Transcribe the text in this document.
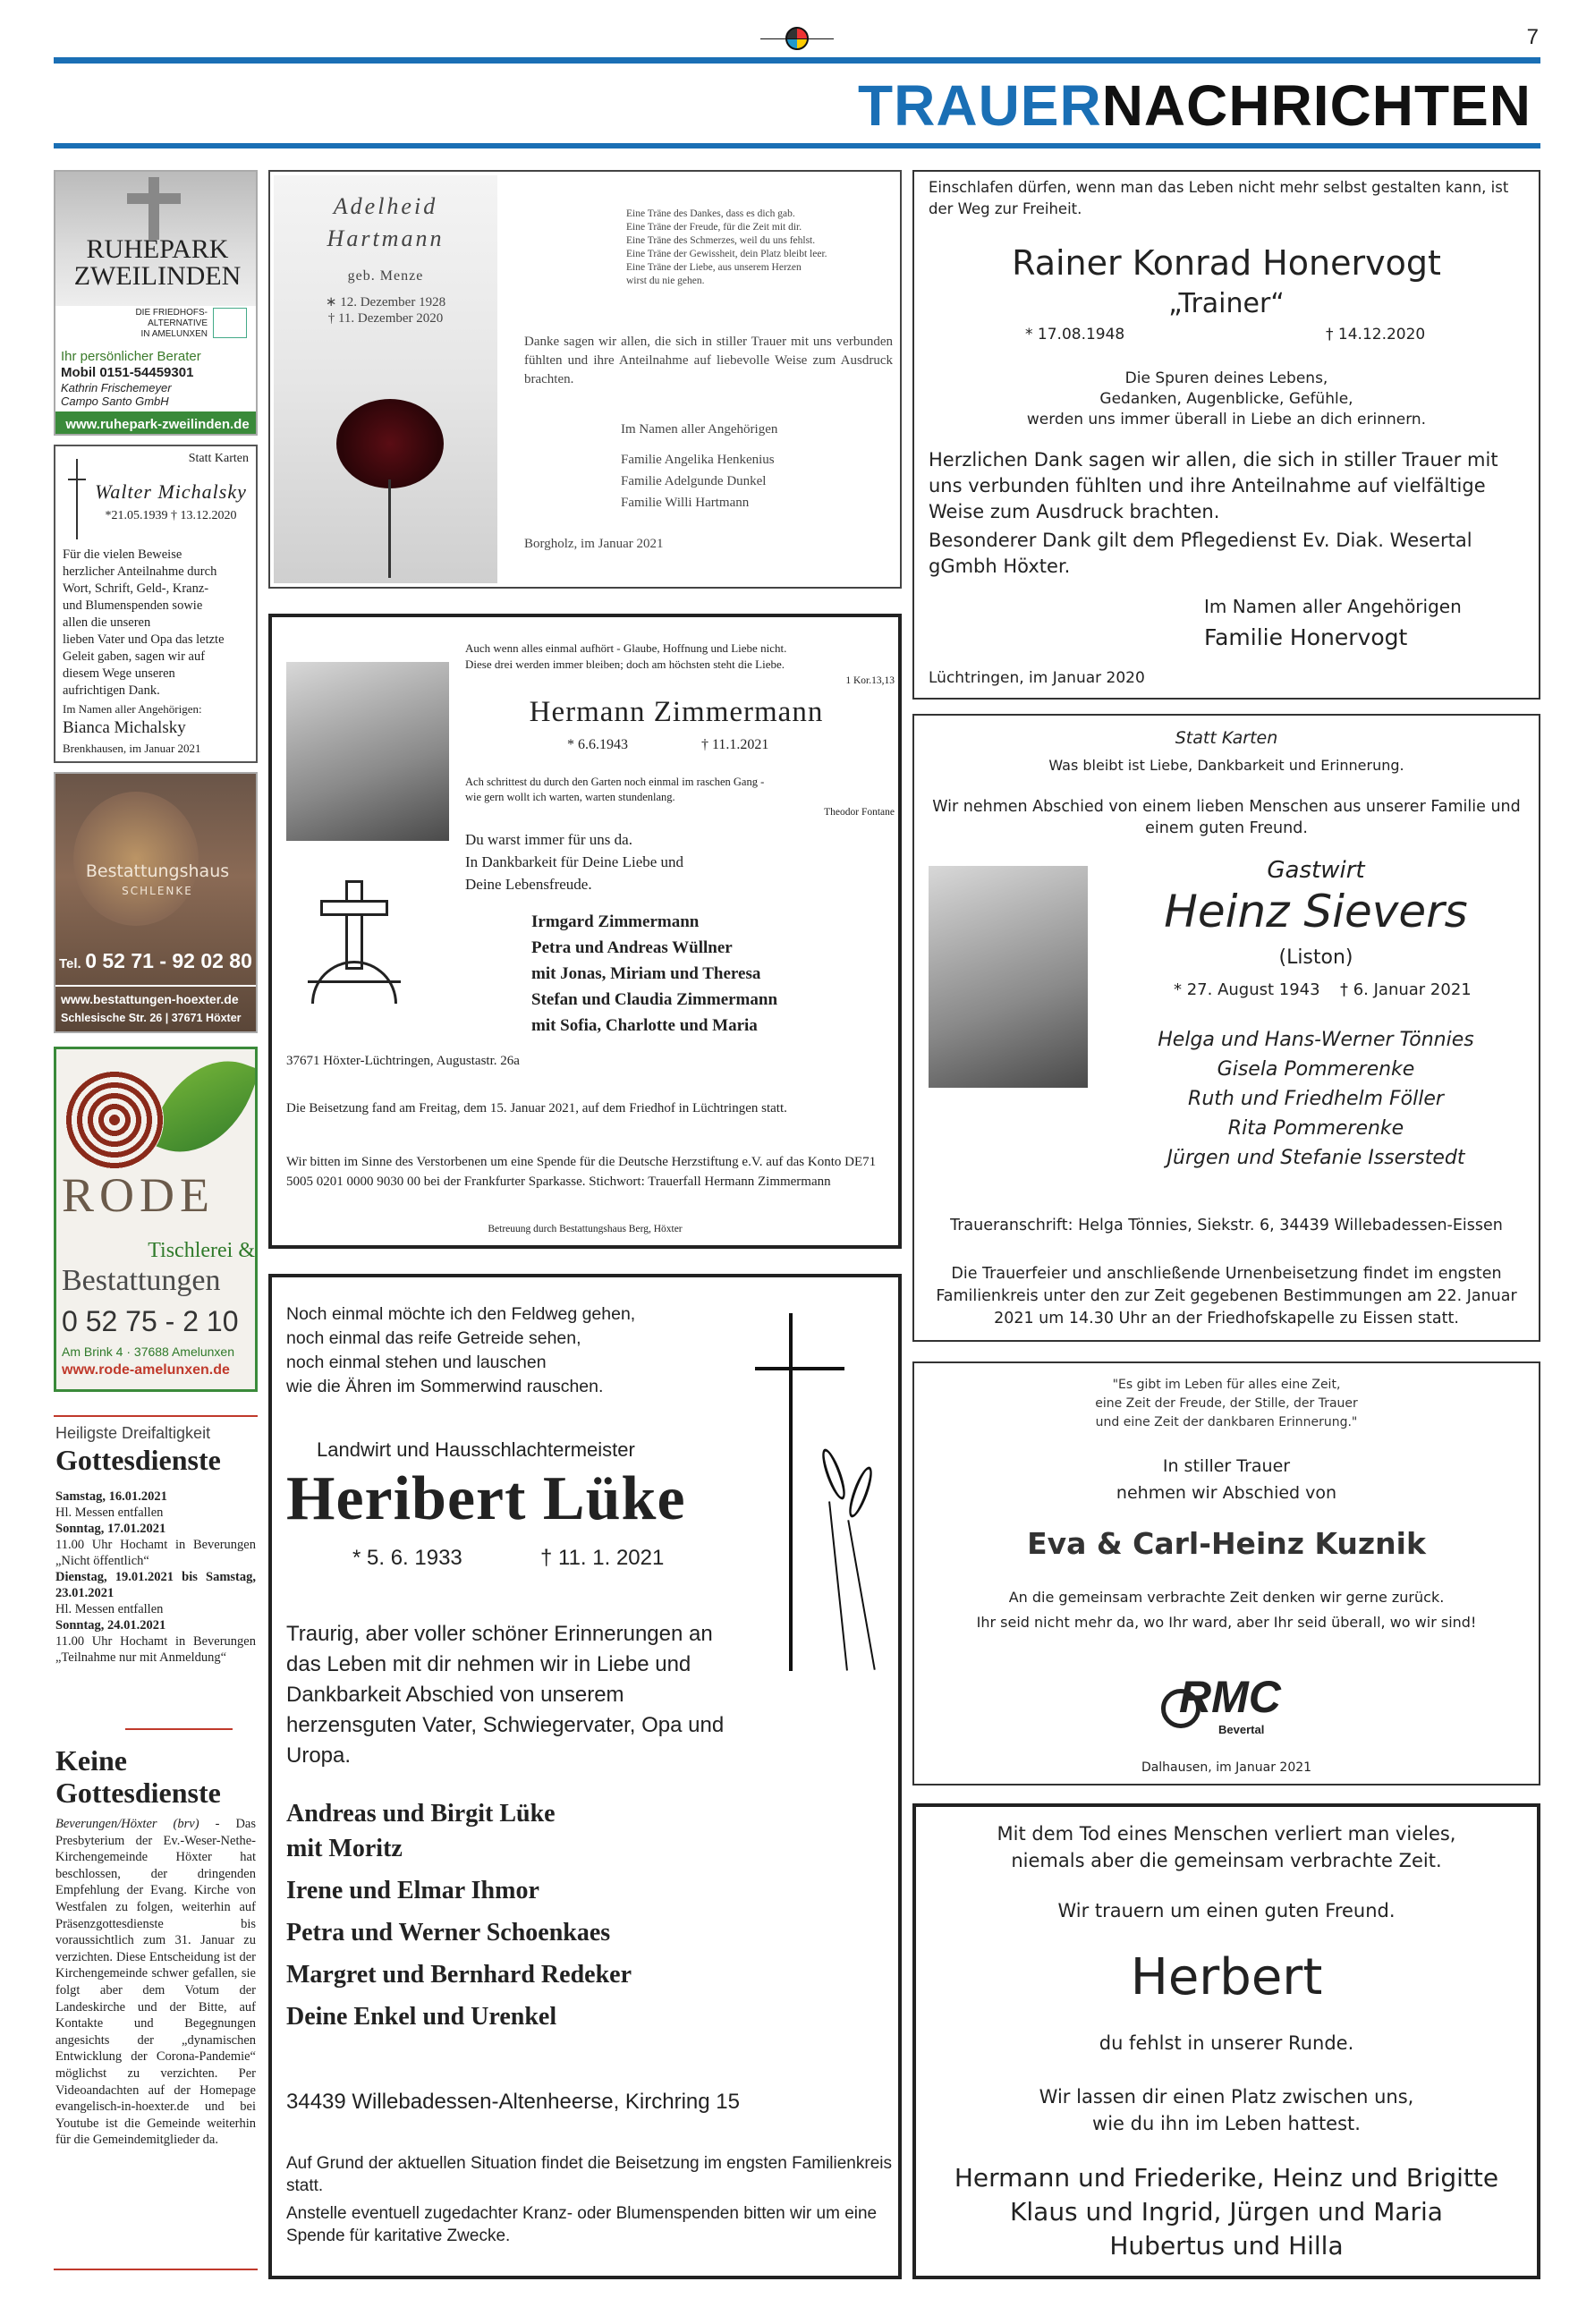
7
TRAUERNACHRICHTEN
RUHEPARK
ZWEILINDEN
DIE FRIEDHOFS-
ALTERNATIVE
IN AMELUNXEN
Ihr persönlicher Berater
Mobil 0151-54459301
Kathrin Frischemeyer
Campo Santo GmbH
www.ruhepark-zweilinden.de
Statt Karten
Walter Michalsky
*21.05.1939 † 13.12.2020
Für die vielen Beweise
herzlicher Anteilnahme durch
Wort, Schrift, Geld-, Kranz-
und Blumenspenden sowie
allen die unseren
lieben Vater und Opa das letzte
Geleit gaben, sagen wir auf
diesem Wege unseren
aufrichtigen Dank.
Im Namen aller Angehörigen:
Bianca Michalsky
Brenkhausen, im Januar 2021
Bestattungshaus
SCHLENKE
Tel. 0 52 71 - 92 02 80
www.bestattungen-hoexter.de
Schlesische Str. 26 | 37671 Höxter
RODE
Tischlerei &
Bestattungen
0 52 75 - 2 10
Am Brink 4 · 37688 Amelunxen
www.rode-amelunxen.de
Heiligste Dreifaltigkeit
Gottesdienste
Samstag, 16.01.2021
Hl. Messen entfallen
Sonntag, 17.01.2021
11.00 Uhr Hochamt in Beverungen „Nicht öffentlich“
Dienstag, 19.01.2021 bis Samstag, 23.01.2021
Hl. Messen entfallen
Sonntag, 24.01.2021
11.00 Uhr Hochamt in Beverungen „Teilnahme nur mit Anmeldung“
Keine Gottesdienste
Beverungen/Höxter (brv) - Das Presbyterium der Ev.-Weser-Nethe- Kirchengemeinde Höxter hat beschlossen, der dringenden Empfehlung der Evang. Kirche von Westfalen zu folgen, weiterhin auf Präsenzgottesdienste bis voraussichtlich zum 31. Januar zu verzichten. Diese Entscheidung ist der Kirchengemeinde schwer gefallen, sie folgt aber dem Votum der Landeskirche und der Bitte, auf Kontakte und Begegnungen angesichts der „dynamischen Entwicklung der Corona-Pandemie“ möglichst zu verzichten. Per Videoandachten auf der Homepage evangelisch-in-hoexter.de und bei Youtube ist die Gemeinde weiterhin für die Gemeindemitglieder da.
Adelheid
Hartmann
geb. Menze
∗ 12. Dezember 1928
† 11. Dezember 2020
Eine Träne des Dankes, dass es dich gab.
Eine Träne der Freude, für die Zeit mit dir.
Eine Träne des Schmerzes, weil du uns fehlst.
Eine Träne der Gewissheit, dein Platz bleibt leer.
Eine Träne der Liebe, aus unserem Herzen
wirst du nie gehen.
Danke sagen wir allen, die sich in stiller Trauer mit uns verbunden fühlten und ihre Anteilnahme auf liebevolle Weise zum Ausdruck brachten.
Im Namen aller Angehörigen
Familie Angelika Henkenius
Familie Adelgunde Dunkel
Familie Willi Hartmann
Borgholz, im Januar 2021
Auch wenn alles einmal aufhört - Glaube, Hoffnung und Liebe nicht.
Diese drei werden immer bleiben; doch am höchsten steht die Liebe.
1 Kor.13,13
Hermann Zimmermann
* 6.6.1943	† 11.1.2021
Ach schrittest du durch den Garten noch einmal im raschen Gang -
wie gern wollt ich warten, warten stundenlang.
Theodor Fontane
Du warst immer für uns da.
In Dankbarkeit für Deine Liebe und
Deine Lebensfreude.
Irmgard Zimmermann
Petra und Andreas Wüllner
mit Jonas, Miriam und Theresa
Stefan und Claudia Zimmermann
mit Sofia, Charlotte und Maria
37671 Höxter-Lüchtringen, Augustastr. 26a
Die Beisetzung fand am Freitag, dem 15. Januar 2021, auf dem Friedhof in Lüchtringen statt.
Wir bitten im Sinne des Verstorbenen um eine Spende für die Deutsche Herzstiftung e.V. auf das Konto DE71 5005 0201 0000 9030 00 bei der Frankfurter Sparkasse. Stichwort: Trauerfall Hermann Zimmermann
Betreuung durch Bestattungshaus Berg, Höxter
Noch einmal möchte ich den Feldweg gehen,
noch einmal das reife Getreide sehen,
noch einmal stehen und lauschen
wie die Ähren im Sommerwind rauschen.
Landwirt und Hausschlachtermeister
Heribert Lüke
* 5. 6. 1933	† 11. 1. 2021
Traurig, aber voller schöner Erinnerungen an das Leben mit dir nehmen wir in Liebe und Dankbarkeit Abschied von unserem herzensguten Vater, Schwiegervater, Opa und Uropa.
Andreas und Birgit Lüke
mit Moritz
Irene und Elmar Ihmor
Petra und Werner Schoenkaes
Margret und Bernhard Redeker
Deine Enkel und Urenkel
34439 Willebadessen-Altenheerse, Kirchring 15
Auf Grund der aktuellen Situation findet die Beisetzung im engsten Familienkreis statt.
Anstelle eventuell zugedachter Kranz- oder Blumenspenden bitten wir um eine Spende für karitative Zwecke.
Einschlafen dürfen, wenn man das Leben nicht mehr selbst gestalten kann, ist der Weg zur Freiheit.
Rainer Konrad Honervogt
„Trainer“
* 17.08.1948	† 14.12.2020
Die Spuren deines Lebens,
Gedanken, Augenblicke, Gefühle,
werden uns immer überall in Liebe an dich erinnern.
Herzlichen Dank sagen wir allen, die sich in stiller Trauer mit uns verbunden fühlten und ihre Anteilnahme auf vielfältige Weise zum Ausdruck brachten.
Besonderer Dank gilt dem Pflegedienst Ev. Diak. Wesertal gGmbh Höxter.
Im Namen aller Angehörigen
Familie Honervogt
Lüchtringen, im Januar 2020
Statt Karten
Was bleibt ist Liebe, Dankbarkeit und Erinnerung.
Wir nehmen Abschied von einem lieben Menschen aus unserer Familie und einem guten Freund.
Gastwirt
Heinz Sievers
(Liston)
* 27. August 1943 † 6. Januar 2021
Helga und Hans-Werner Tönnies
Gisela Pommerenke
Ruth und Friedhelm Föller
Rita Pommerenke
Jürgen und Stefanie Isserstedt
Traueranschrift: Helga Tönnies, Siekstr. 6, 34439 Willebadessen-Eissen
Die Trauerfeier und anschließende Urnenbeisetzung findet im engsten Familienkreis unter den zur Zeit gegebenen Bestimmungen am 22. Januar 2021 um 14.30 Uhr an der Friedhofskapelle zu Eissen statt.
"Es gibt im Leben für alles eine Zeit,
eine Zeit der Freude, der Stille, der Trauer
und eine Zeit der dankbaren Erinnerung."
In stiller Trauer
nehmen wir Abschied von
Eva & Carl-Heinz Kuznik
An die gemeinsam verbrachte Zeit denken wir gerne zurück.
Ihr seid nicht mehr da, wo Ihr ward, aber Ihr seid überall, wo wir sind!
RMC
Bevertal
Dalhausen, im Januar 2021
Mit dem Tod eines Menschen verliert man vieles,
niemals aber die gemeinsam verbrachte Zeit.
Wir trauern um einen guten Freund.
Herbert
du fehlst in unserer Runde.
Wir lassen dir einen Platz zwischen uns,
wie du ihn im Leben hattest.
Hermann und Friederike, Heinz und Brigitte
Klaus und Ingrid, Jürgen und Maria
Hubertus und Hilla
